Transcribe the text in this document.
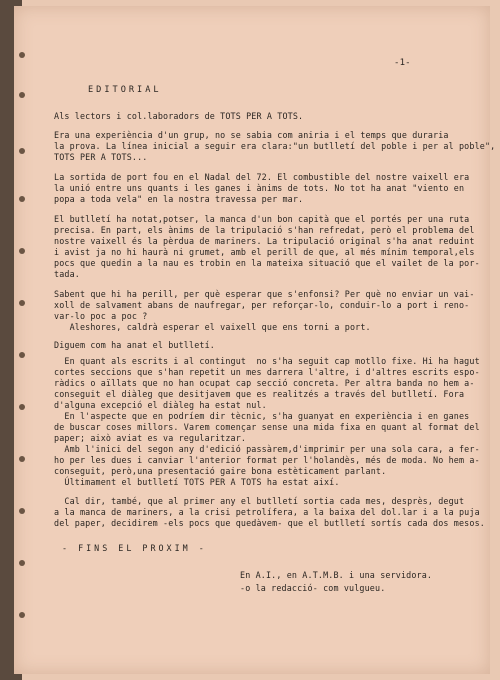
-1-
EDITORIAL
Als lectors i col.laboradors de TOTS PER A TOTS.
Era una experiència d'un grup, no se sabia com aniria i el temps que duraria
la prova. La línea inicial a seguir era clara:"un butlletí del poble i per al poble",
TOTS PER A TOTS...
La sortida de port fou en el Nadal del 72. El combustible del nostre vaixell era
la unió entre uns quants i les ganes i ànims de tots. No tot ha anat "viento en
popa a toda vela" en la nostra travessa per mar.
El butlletí ha notat,potser, la manca d'un bon capità que el portés per una ruta
precisa. En part, els ànims de la tripulació s'han refredat, però el problema del
nostre vaixell és la pèrdua de mariners. La tripulació original s'ha anat reduint
i avist ja no hi haurà ni grumet, amb el perill de que, al més mínim temporal,els
pocs que quedin a la nau es trobin en la mateixa situació que el vailet de la por-
tada.
Sabent que hi ha perill, per què esperar que s'enfonsi? Per què no enviar un vai-
xoll de salvament abans de naufregar, per reforçar-lo, conduir-lo a port i reno-
var-lo poc a poc ?
Aleshores, caldrà esperar el vaixell que ens torni a port.
Diguem com ha anat el butlletí.
En quant als escrits i al contingut  no s'ha seguit cap motllo fixe. Hi ha hagut
cortes seccions que s'han repetit un mes darrera l'altre, i d'altres escrits espo-
ràdics o aïllats que no han ocupat cap secció concreta. Per altra banda no hem a-
conseguit el diàleg que desitjavem que es realitzés a través del butlletí. Fora
d'alguna excepció el diàleg ha estat nul.
En l'aspecte que en podríem dir tècnic, s'ha guanyat en experiència i en ganes
de buscar coses millors. Varem començar sense una mida fixa en quant al format del
paper; això aviat es va regularitzar.
Amb l'inici del segon any d'edició passàrem,d'imprimir per una sola cara, a fer-
ho per les dues i canviar l'anterior format per l'holandès, més de moda. No hem a-
conseguit, però,una presentació gaire bona estèticament parlant.
Últimament el butlletí TOTS PER A TOTS ha estat així.
Cal dir, també, que al primer any el butlletí sortia cada mes, desprès, degut
a la manca de mariners, a la crisi petrolífera, a la baixa del dol.lar i a la puja
del paper, decidirem -els pocs que quedàvem- que el butlletí sortís cada dos mesos.
- FINS EL PROXIM -
En A.I., en A.T.M.B. i una servidora.
-o la redacció- com vulgueu.
